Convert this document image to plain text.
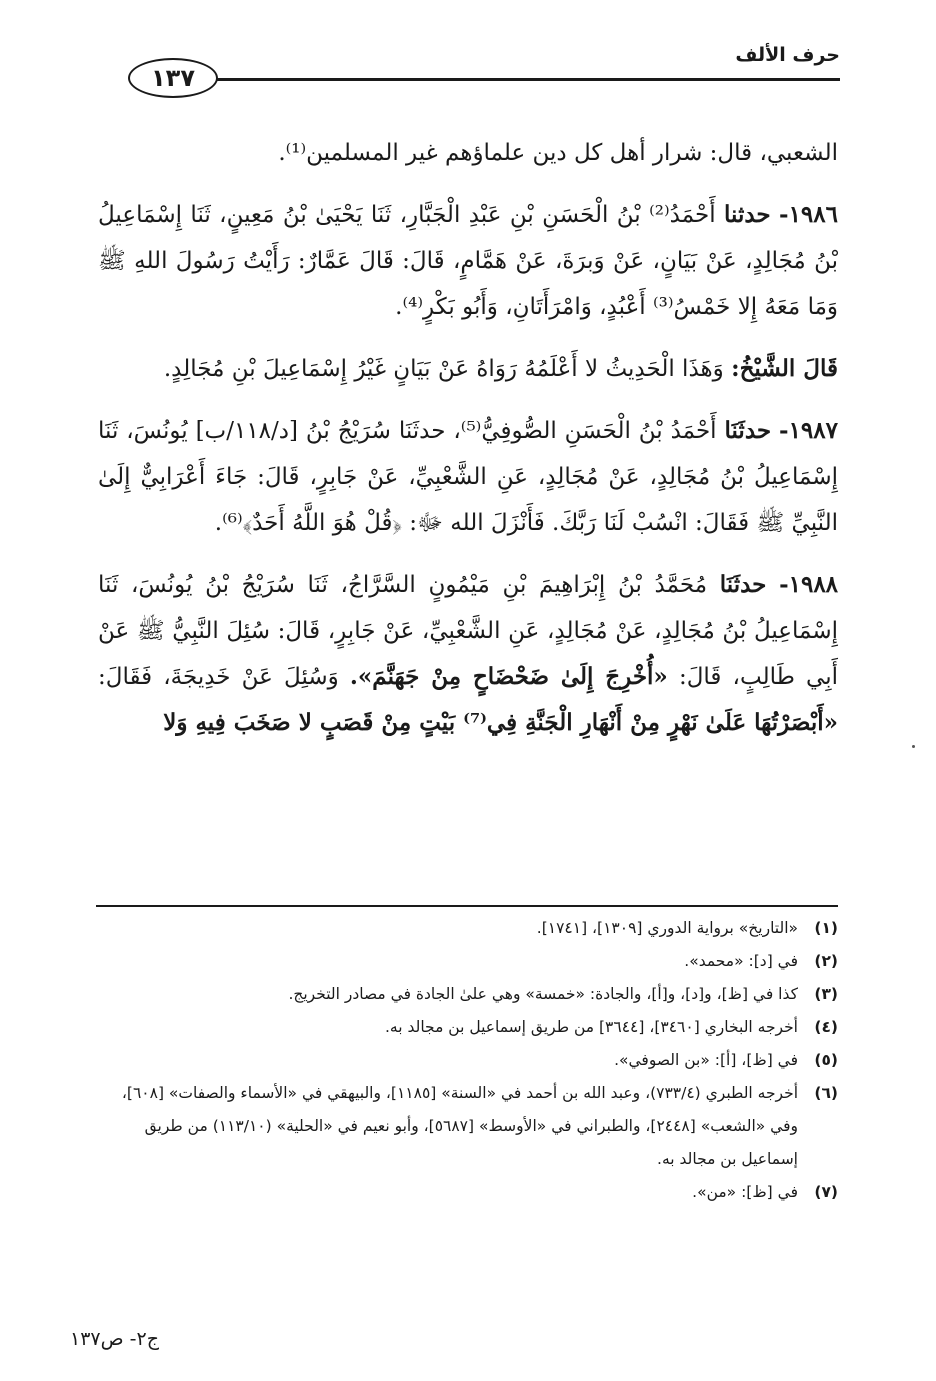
حرف الألف
١٣٧

الشعبي، قال: شرار أهل كل دين علماؤهم غير المسلمين⁽¹⁾.

١٩٨٦- حدثنا أَحْمَدُ⁽²⁾ بْنُ الْحَسَنِ بْنِ عَبْدِ الْجَبَّارِ، ثَنَا يَحْيَىٰ بْنُ مَعِينٍ، ثَنَا إِسْمَاعِيلُ بْنُ مُجَالِدٍ، عَنْ بَيَانٍ، عَنْ وَبرَةَ، عَنْ هَمَّامٍ، قَالَ: قَالَ عَمَّارٌ: رَأَيْتُ رَسُولَ اللهِ ﷺ وَمَا مَعَهُ إِلا خَمْسُ⁽³⁾ أَعْبُدٍ، وَامْرَأَتَانِ، وَأَبُو بَكْرٍ⁽⁴⁾.

قَالَ الشَّيْخُ: وَهَذَا الْحَدِيثُ لا أَعْلَمُهُ رَوَاهُ عَنْ بَيَانٍ غَيْرُ إِسْمَاعِيلَ بْنِ مُجَالِدٍ.

١٩٨٧- حدثَنَا أَحْمَدُ بْنُ الْحَسَنِ الصُّوفِيُّ⁽⁵⁾، حدثَنَا سُرَيْجُ بْنُ [د/١١٨/ب] يُونُسَ، ثَنَا إِسْمَاعِيلُ بْنُ مُجَالِدٍ، عَنْ مُجَالِدٍ، عَنِ الشَّعْبِيِّ، عَنْ جَابِرٍ، قَالَ: جَاءَ أَعْرَابِيٌّ إِلَىٰ النَّبِيِّ ﷺ فَقَالَ: انْسُبْ لَنَا رَبَّكَ. فَأَنْزَلَ الله ﷻ: ﴿قُلْ هُوَ اللَّهُ أَحَدٌ﴾⁽⁶⁾.

١٩٨٨- حدثَنَا مُحَمَّدُ بْنُ إِبْرَاهِيمَ بْنِ مَيْمُونٍ السَّرَّاجُ، ثَنَا سُرَيْجُ بْنُ يُونُسَ، ثَنَا إِسْمَاعِيلُ بْنُ مُجَالِدٍ، عَنْ مُجَالِدٍ، عَنِ الشَّعْبِيِّ، عَنْ جَابِرٍ، قَالَ: سُئِلَ النَّبِيُّ ﷺ عَنْ أَبِي طَالِبٍ، قَالَ: «أُخْرِجَ إِلَىٰ ضَحْضَاحٍ مِنْ جَهَنَّمَ». وَسُئِلَ عَنْ خَدِيجَةَ، فَقَالَ: «أَبْصَرْتُهَا عَلَىٰ نَهْرٍ مِنْ أَنْهَارِ الْجَنَّةِ فِي⁽⁷⁾ بَيْتٍ مِنْ قَصَبٍ لا صَخَبَ فِيهِ وَلا

(١)
«التاريخ» برواية الدوري [١٣٠٩]، [١٧٤١].
(٢)
في [د]: «محمد».
(٣)
كذا في [ظ]، و[د]، و[أ]، والجادة: «خمسة» وهي علىٰ الجادة في مصادر التخريج.
(٤)
أخرجه البخاري [٣٤٦٠]، [٣٦٤٤] من طريق إسماعيل بن مجالد به.
(٥)
في [ظ]، [أ]: «بن الصوفي».
(٦)
أخرجه الطبري (٧٣٣/٤)، وعبد الله بن أحمد في «السنة» [١١٨٥]، والبيهقي في «الأسماء والصفات» [٦٠٨]، وفي «الشعب» [٢٤٤٨]، والطبراني في «الأوسط» [٥٦٨٧]، وأبو نعيم في «الحلية» (١١٣/١٠) من طريق إسماعيل بن مجالد به.
(٧)
في [ظ]: «من».
ج٢- ص١٣٧
